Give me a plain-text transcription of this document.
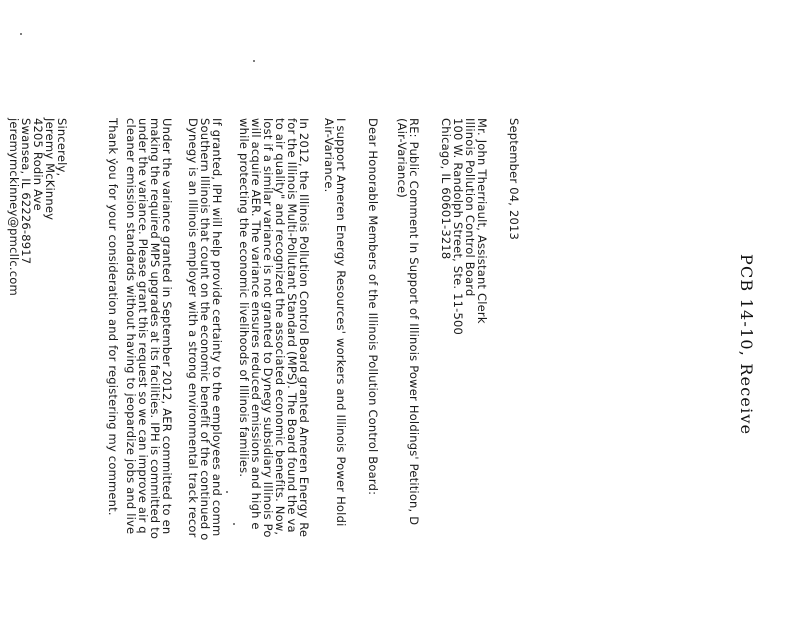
PCB 14-10, Receive
September 04, 2013
Mr. John Therriault, Assistant Clerk
Illinois Pollution Control Board
100 W. Randolph Street, Ste. 11-500
Chicago, IL 60601-3218
RE: Public Comment In Support of Illinois Power Holdings' Petition, D
(Air-Variance)
Dear Honorable Members of the Illinois Pollution Control Board:
I support Ameren Energy Resources' workers and Illinois Power Holdi
Air-Variance.
In 2012, the Illinois Pollution Control Board granted Ameren Energy Re
for the Illinois Multi-Pollutant Standard (MPS). The Board found the va
to air quality" and recognized the associated economic benefits. Now,
lost if a similar variance is not granted to Dynegy subsidiary Illinois Po
will acquire AER. The variance ensures reduced emissions and high e
while protecting the economic livelihoods of Illinois families.
If granted, IPH will help provide certainty to the employees and comm
Southern Illinois that count on the economic benefit of the continued o
Dynegy is an Illinois employer with a strong environmental track recor
Under the variance granted in September 2012, AER committed to en
making the required MPS upgrades at its facilities. IPH is committed to
under the variance. Please grant this request so we can improve air q
cleaner emission standards without having to jeopardize jobs and live
Thank you for your consideration and for registering my comment.
Sincerely,
Jeremy McKinney
4205 Rodin Ave
Swansea, IL 62226-8917
jeremymckinney@pmcllc.com
